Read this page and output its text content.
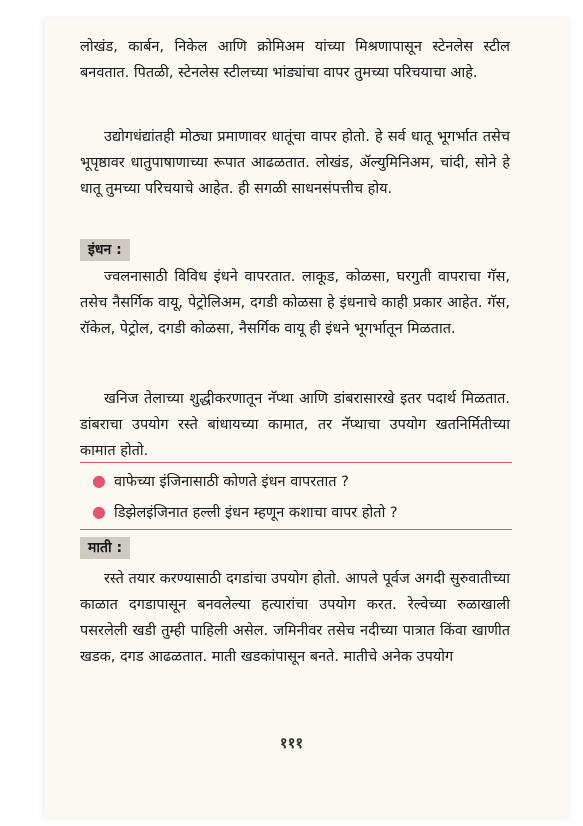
लोखंड, कार्बन, निकेल आणि क्रोमिअम यांच्या मिश्रणापासून स्टेनलेस स्टील बनवतात. पितळी, स्टेनलेस स्टीलच्या भांड्यांचा वापर तुमच्या परिचयाचा आहे.
उद्योगधंद्यांतही मोठ्या प्रमाणावर धातूंचा वापर होतो. हे सर्व धातू भूगर्भात तसेच भूपृष्ठावर धातुपाषाणाच्या रूपात आढळतात. लोखंड, ॲल्युमिनिअम, चांदी, सोने हे धातू तुमच्या परिचयाचे आहेत. ही सगळी साधनसंपत्तीच होय.
इंधन :
ज्वलनासाठी विविध इंधने वापरतात. लाकूड, कोळसा, घरगुती वापराचा गॅस, तसेच नैसर्गिक वायू, पेट्रोलिअम, दगडी कोळसा हे इंधनाचे काही प्रकार आहेत. गॅस, रॉकेल, पेट्रोल, दगडी कोळसा, नैसर्गिक वायू ही इंधने भूगर्भातून मिळतात.
खनिज तेलाच्या शुद्धीकरणातून नॅप्था आणि डांबरासारखे इतर पदार्थ मिळतात. डांबराचा उपयोग रस्ते बांधायच्या कामात, तर नॅप्थाचा उपयोग खतनिर्मितीच्या कामात होतो.
● वाफेच्या इंजिनासाठी कोणते इंधन वापरतात ?
● डिझेलइंजिनात हल्ली इंधन म्हणून कशाचा वापर होतो ?
माती :
रस्ते तयार करण्यासाठी दगडांचा उपयोग होतो. आपले पूर्वज अगदी सुरुवातीच्या काळात दगडापासून बनवलेल्या हत्यारांचा उपयोग करत. रेल्वेच्या रुळाखाली पसरलेली खडी तुम्ही पाहिली असेल. जमिनीवर तसेच नदीच्या पात्रात किंवा खाणीत खडक, दगड आढळतात. माती खडकांपासून बनते. मातीचे अनेक उपयोग
१११
